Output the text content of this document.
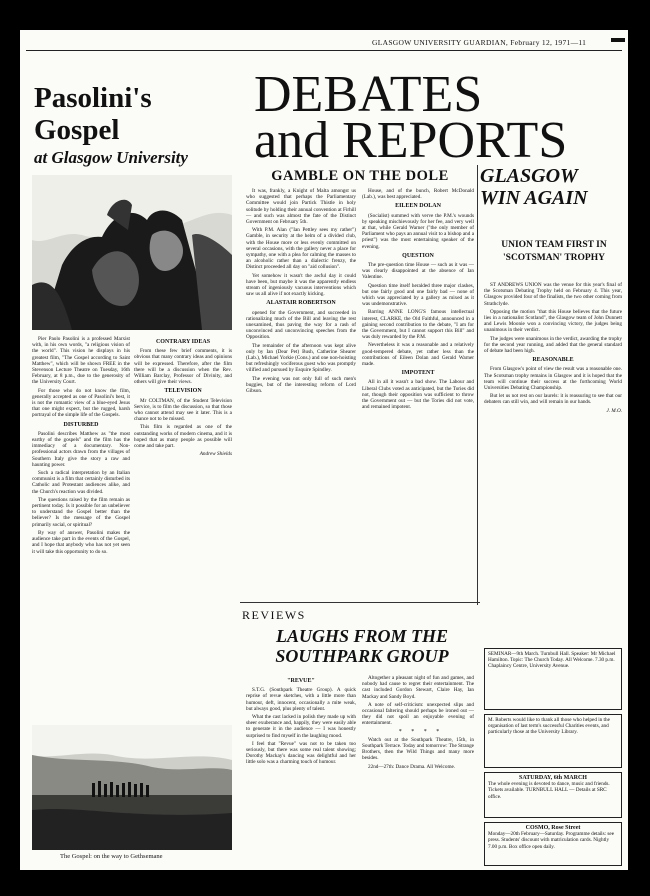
GLASGOW UNIVERSITY GUARDIAN, February 12, 1971—11
Pasolini's Gospel
at Glasgow University

Pier Paolo Pasolini is a professed Marxist with, in his own words, "a religious vision of the world". This vision he displays in his greatest film, "The Gospel according to Saint Matthew", which will be shown FREE in the Stevenson Lecture Theatre on Tuesday, 16th February, at 8 p.m., due to the generosity of the University Court.

For those who do not know the film, generally accepted as one of Pasolini's best, it is not the romantic view of a blue-eyed Jesus that one might expect, but the rugged, harsh portrayal of the simple life of the Gospels.

DISTURBED

Pasolini describes Matthew as "the most earthy of the gospels" and the film has the immediacy of a documentary. Non-professional actors drawn from the villages of Southern Italy give the story a raw and haunting power.

Such a radical interpretation by an Italian communist is a film that certainly disturbed its Catholic and Protestant audiences alike, and the Church's reaction was divided.

The questions raised by the film remain as pertinent today. Is it possible for an unbeliever to understand the Gospel better than the believer? Is the message of the Gospel primarily social, or spiritual?

By way of answer, Pasolini makes the audience take part in the events of the Gospel, and I hope that anybody who has not yet seen it will take this opportunity to do so.

CONTRARY IDEAS

From these few brief comments, it is obvious that many contrary ideas and opinions will be expressed. Therefore, after the film there will be a discussion when the Rev. William Barclay, Professor of Divinity, and others will give their views.

TELEVISION

Mr COLTMAN, of the Student Television Service, is to film the discussion, so that those who cannot attend may see it later. This is a chance not to be missed.

This film is regarded as one of the outstanding works of modern cinema, and it is hoped that as many people as possible will come and take part.

Andrew Shields

The Gospel: on the way to Gethsemane
DEBATES
and REPORTS
GAMBLE ON THE DOLE

It was, frankly, a Knight of Malta amongst us who suggested that perhaps the Parliamentary Committee would join Partick Thistle in holy solitude by holding their annual convention at Firhill — and such was almost the fate of the Distinct Government on February 5th.

With P.M. Alan ("Ian Pettley sees my rather") Gamble, in security at the helm of a divided club, with the House more or less evenly committed on several occasions, with the gallery never a place for sympathy, one with a plea for calming the masses to an alcoholic rather than a dialectic frenzy, the Distinct proceeded all day on "aid collusion".

Yet somehow it wasn't the awful day it could have been, but maybe it was the apparently endless stream of ingeniously vacuous interventions which saw us all alive if not exactly kicking.

ALASTAIR ROBERTSON

opened for the Government, and succeeded in rationalizing much of the Bill and leaving the rest unexamined, thus paving the way for a rash of unconvinced and unconvincing speeches from the Opposition.

The remainder of the afternoon was kept alive only by Ian (Dear Pet) Bush, Catherine Shearer (Lab.), Michael Yorkie (Cons.) and one non-hoisting but refreshingly vociferous guest who was promptly vilified and pursued by Esquire Spindley.

The evening was not only full of such men's buggies, but of the interesting reform of Lord Gibson.

House, and of the bunch, Robert McDonald (Lab.), was best appreciated.

EILEEN DOLAN

(Socialist) summed with verve the P.M.'s wounds by speaking mischievously for her fee, and very well at that, while Gerald Warner ("the only member of Parliament who pays an annual visit to a bishop and a priest") was the most entertaining speaker of the evening.

QUESTION

The pre-question time House — such as it was — was clearly disappointed at the absence of Ian Valentine.

Question time itself heralded three major clashes, but one fairly good and one fairly bad — none of which was appreciated by a gallery as mixed as it was undemonstrative.

Barring ANNE LONG'S famous intellectual interest, CLARKE, the Old Faithful, announced in a gaining second contribution to the debate, "I am for the Government, but I cannot support this Bill" and was duly rewarded by the P.M.

Nevertheless it was a reasonable and a relatively good-tempered debate, yet rather less than the contributions of Eileen Dolan and Gerald Warner made.

IMPOTENT

All in all it wasn't a bad show. The Labour and Liberal Clubs voted as anticipated, but the Tories did not, though their opposition was sufficient to throw the Government out — but the Tories did not vote, and remained impotent.

GLASGOW WIN AGAIN
UNION TEAM FIRST IN 'SCOTSMAN' TROPHY

ST ANDREWS UNION was the venue for this year's final of the Scotsman Debating Trophy held on February 4. This year, Glasgow provided four of the finalists, the two other coming from Strathclyde.

Opposing the motion "that this House believes that the future lies in a nationalist Scotland", the Glasgow team of John Dunnett and Lewis Moonie won a convincing victory, the judges being unanimous in their verdict.

The judges were unanimous in the verdict, awarding the trophy for the second year running, and added that the general standard of debate had been high.

REASONABLE

From Glasgow's point of view the result was a reasonable one. The Scotsman trophy remains in Glasgow and it is hoped that the team will continue their success at the forthcoming World Universities Debating Championship.

But let us not rest on our laurels: it is reassuring to see that our debaters can still win, and will remain in our hands.

J. M.O.

REVIEWS
LAUGHS FROM THE SOUTHPARK GROUP

"REVUE"

S.T.G. (Southpark Theatre Group). A quick reprise of revue sketches, with a little more than humour, deft, innocent, occasionally a mite weak, but always good, plus plenty of talent.

What the cast lacked in polish they made up with sheer exuberance and, happily, they were easily able to generate it in the audience — I was honestly surprised to find myself in the laughing mood.

I feel that "Revue" was not to be taken too seriously, but there was some real talent showing; Dorothy Mackay's dancing was delightful and her little solo was a charming touch of humour.

Altogether a pleasant night of fun and games, and nobody had cause to regret their entertainment. The cast included Gordon Stewart, Claire Hay, Ian Mackay and Sandy Boyd.

A note of self-criticism: unexpected slips and occasional faltering should perhaps be ironed out — they did not spoil an enjoyable evening of entertainment.

* * * *

Watch out at the Southpark Theatre, 15th, in Southpark Terrace. Today and tomorrow: The Strange Brothers, then the Wild Things and many more besides.

22nd—27th: Dance Drama. All Welcome.

SEMINAR—9th March. Turnbull Hall. Speaker: Mr Michael Hamilton. Topic: The Church Today. All Welcome. 7.30 p.m. Chaplaincy Centre, University Avenue.
M. Roberts would like to thank all those who helped in the organisation of last term's successful Charities events, and particularly those at the University Library.
SATURDAY, 6th MARCH
The whole evening is devoted to dance, music and friends. Tickets available. TURNBULL HALL — Details at SRC office.
COSMO, Rose Street
Monday—20th February—Saturday. Programme details: see press. Students' discount with matriculation cards. Nightly 7.00 p.m. Box office open daily.
